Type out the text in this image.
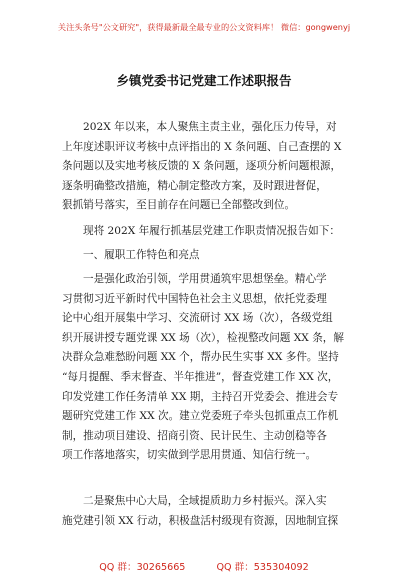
关注头条号"公文研究"，获得最新最全最专业的公文资料库！ 微信：gongwenyj
乡镇党委书记党建工作述职报告
202X 年以来，本人聚焦主责主业，强化压力传导，对
上年度述职评议考核中点评指出的 X 条问题、自己查摆的 X
条问题以及实地考核反馈的 X 条问题，逐项分析问题根源，
逐条明确整改措施，精心制定整改方案，及时跟进督促，
狠抓销号落实，至目前存在问题已全部整改到位。
现将 202X 年履行抓基层党建工作职责情况报告如下：
一、履职工作特色和亮点
一是强化政治引领，学用贯通筑牢思想堡垒。精心学
习贯彻习近平新时代中国特色社会主义思想，依托党委理
论中心组开展集中学习、交流研讨 XX 场（次），各级党组
织开展讲授专题党课 XX 场（次），检视整改问题 XX 条，解
决群众急难愁盼问题 XX 个，帮办民生实事 XX 多件。坚持
“每月提醒、季末督查、半年推进”，督查党建工作 XX 次，
印发党建工作任务清单 XX 期，主持召开党委会、推进会专
题研究党建工作 XX 次。建立党委班子牵头包抓重点工作机
制，推动项目建设、招商引资、民计民生、主动创稳等各
项工作落地落实，切实做到学思用贯通、知信行统一。
二是聚焦中心大局，全域提质助力乡村振兴。深入实
施党建引领 XX 行动，积极盘活村级现有资源，因地制宜探
QQ 群：30265665	QQ 群：535304092
